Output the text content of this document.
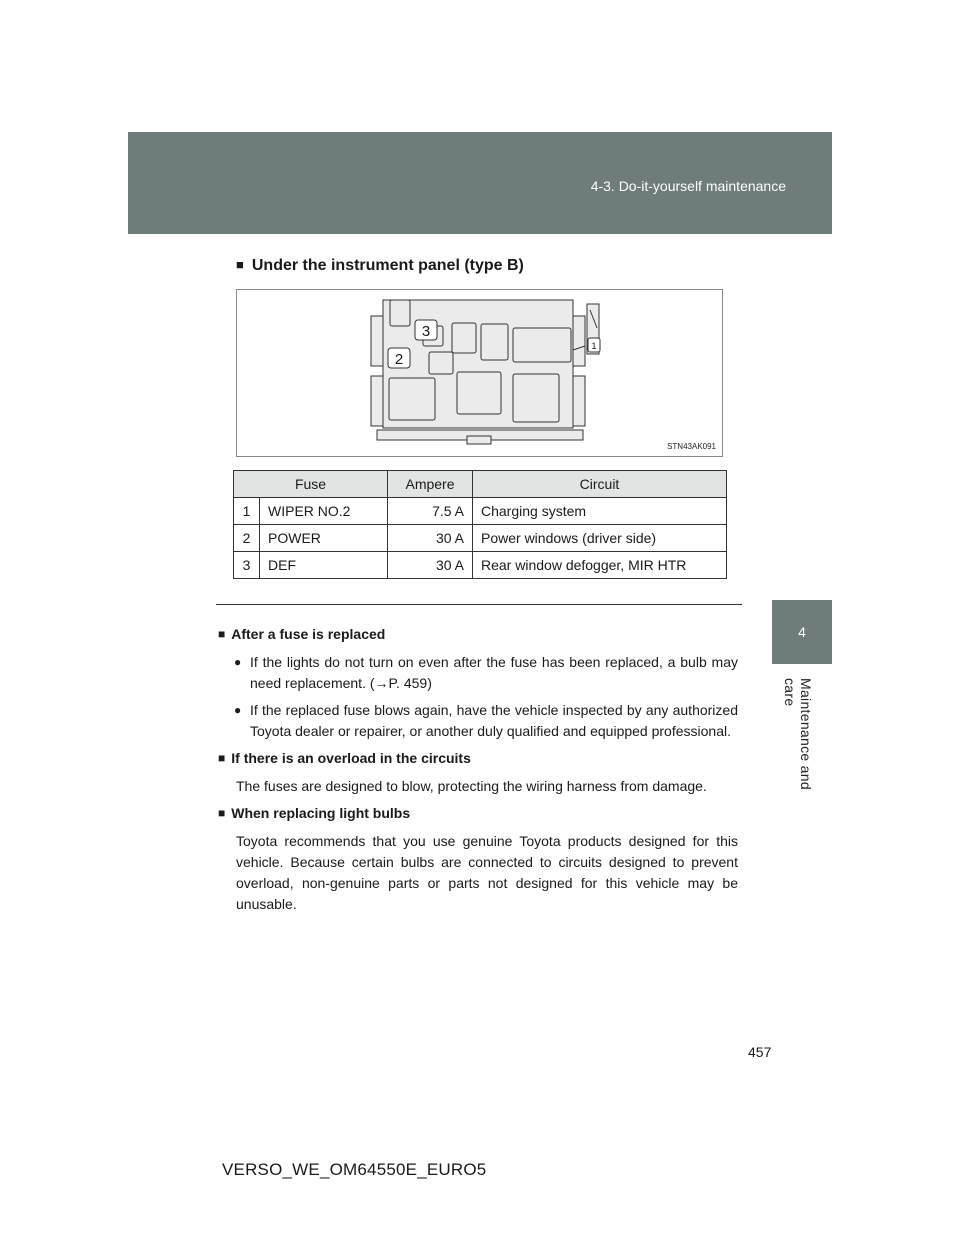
4-3. Do-it-yourself maintenance
4
Maintenance and care
■ Under the instrument panel (type B)
3
2
1
STN43AK091
Fuse		Ampere	Circuit
1	WIPER NO.2	7.5 A	Charging system
2	POWER	30 A	Power windows (driver side)
3	DEF	30 A	Rear window defogger, MIR HTR
■ After a fuse is replaced
● If the lights do not turn on even after the fuse has been replaced, a bulb may need replacement. (→P. 459)
● If the replaced fuse blows again, have the vehicle inspected by any authorized Toyota dealer or repairer, or another duly qualified and equipped professional.
■ If there is an overload in the circuits
The fuses are designed to blow, protecting the wiring harness from damage.
■ When replacing light bulbs
Toyota recommends that you use genuine Toyota products designed for this vehicle. Because certain bulbs are connected to circuits designed to prevent overload, non-genuine parts or parts not designed for this vehicle may be unusable.
457
VERSO_WE_OM64550E_EURO5
